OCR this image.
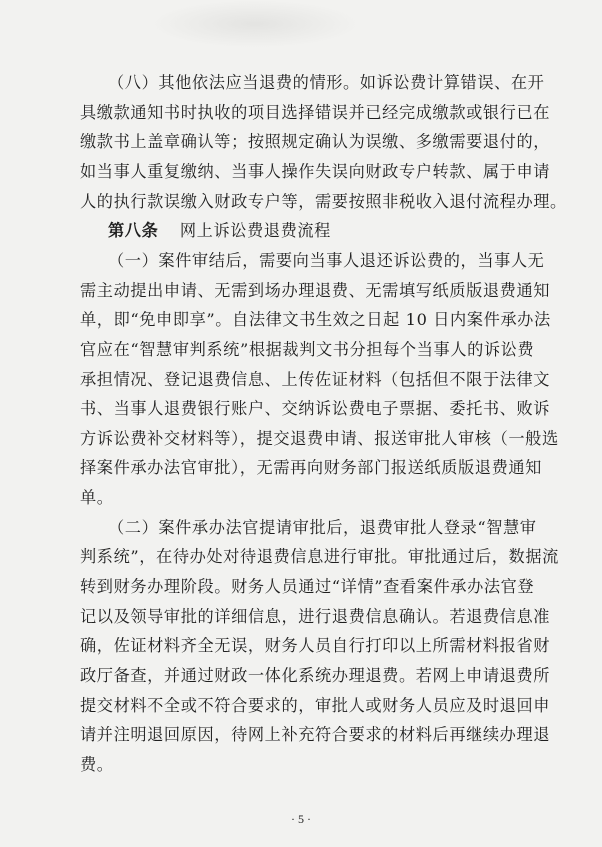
（八）其他依法应当退费的情形。如诉讼费计算错误、在开
具缴款通知书时执收的项目选择错误并已经完成缴款或银行已在
缴款书上盖章确认等；按照规定确认为误缴、多缴需要退付的，
如当事人重复缴纳、当事人操作失误向财政专户转款、属于申请
人的执行款误缴入财政专户等，需要按照非税收入退付流程办理。
第八条 网上诉讼费退费流程
（一）案件审结后，需要向当事人退还诉讼费的，当事人无
需主动提出申请、无需到场办理退费、无需填写纸质版退费通知
单，即“免申即享”。自法律文书生效之日起 10 日内案件承办法
官应在“智慧审判系统”根据裁判文书分担每个当事人的诉讼费
承担情况、登记退费信息、上传佐证材料（包括但不限于法律文
书、当事人退费银行账户、交纳诉讼费电子票据、委托书、败诉
方诉讼费补交材料等），提交退费申请、报送审批人审核（一般选
择案件承办法官审批），无需再向财务部门报送纸质版退费通知
单。
（二）案件承办法官提请审批后，退费审批人登录“智慧审
判系统”，在待办处对待退费信息进行审批。审批通过后，数据流
转到财务办理阶段。财务人员通过“详情”查看案件承办法官登
记以及领导审批的详细信息，进行退费信息确认。若退费信息准
确，佐证材料齐全无误，财务人员自行打印以上所需材料报省财
政厅备查，并通过财政一体化系统办理退费。若网上申请退费所
提交材料不全或不符合要求的，审批人或财务人员应及时退回申
请并注明退回原因，待网上补充符合要求的材料后再继续办理退
费。
· 5 ·
